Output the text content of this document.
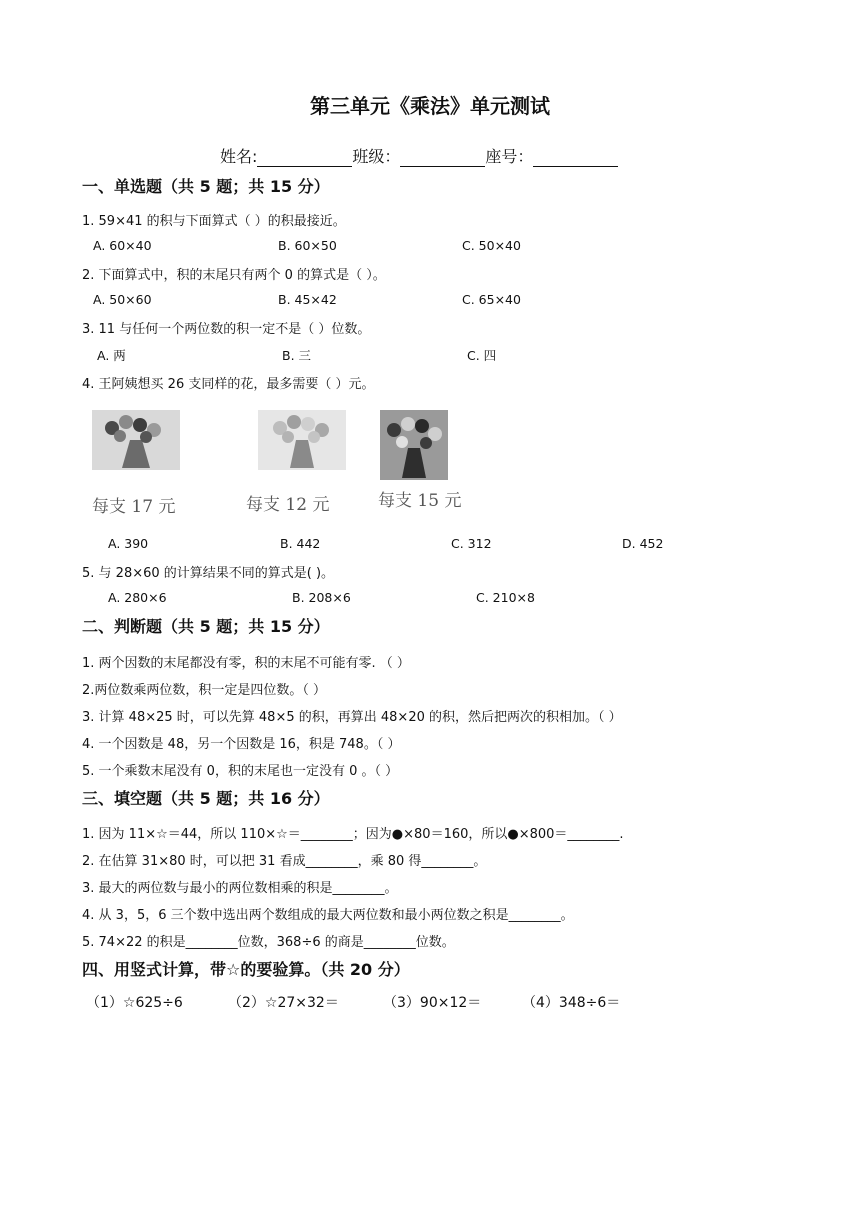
第三单元《乘法》单元测试
姓名:	班级：	座号：
一、单选题（共 5 题；共 15 分）
1. 59×41 的积与下面算式（ ）的积最接近。
A. 60×40	B. 60×50	C. 50×40
2. 下面算式中，积的末尾只有两个 0 的算式是（ ）。
A. 50×60	B. 45×42	C. 65×40
3. 11 与任何一个两位数的积一定不是（ ）位数。
A. 两	B. 三	C. 四
4. 王阿姨想买 26 支同样的花，最多需要（ ）元。
每支 17 元	每支 12 元	每支 15 元
A. 390	B. 442	C. 312	D. 452
5. 与 28×60 的计算结果不同的算式是( )。
A. 280×6	B. 208×6	C. 210×8
二、判断题（共 5 题；共 15 分）
1. 两个因数的末尾都没有零，积的末尾不可能有零. （ ）
2.两位数乘两位数，积一定是四位数。（ ）
3. 计算 48×25 时，可以先算 48×5 的积，再算出 48×20 的积，然后把两次的积相加。（ ）
4. 一个因数是 48，另一个因数是 16，积是 748。（ ）
5. 一个乘数末尾没有 0，积的末尾也一定没有 0 。（ ）
三、填空题（共 5 题；共 16 分）
1. 因为 11×☆＝44，所以 110×☆＝________；因为●×80＝160，所以●×800＝________.
2. 在估算 31×80 时，可以把 31 看成________，乘 80 得________。
3. 最大的两位数与最小的两位数相乘的积是________。
4. 从 3，5，6 三个数中选出两个数组成的最大两位数和最小两位数之积是________。
5. 74×22 的积是________位数，368÷6 的商是________位数。
四、用竖式计算，带☆的要验算。（共 20 分）
（1）☆625÷6	（2）☆27×32＝	（3）90×12＝	（4）348÷6＝
